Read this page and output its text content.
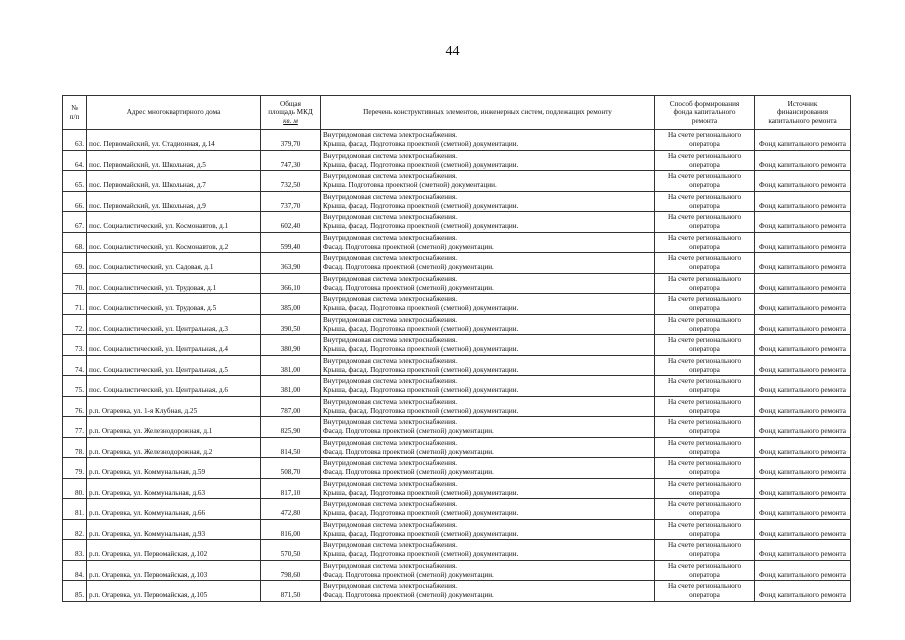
44
№
п/п	Адрес многоквартирного дома	Общая
площадь МКД
кв. м	Перечень конструктивных элементов, инженерных систем, подлежащих ремонту	Способ формирования
фонда капитального
ремонта	Источник
финансирования
капитального ремонта
63.	пос. Первомайский, ул. Стадионная, д.14	379,70	Внутридомовая система электроснабжения.
Крыша, фасад. Подготовка проектной (сметной) документации.	На счете регионального оператора	Фонд капитального ремонта
64.	пос. Первомайский, ул. Школьная, д.5	747,30	Внутридомовая система электроснабжения.
Крыша, фасад. Подготовка проектной (сметной) документации.	На счете регионального оператора	Фонд капитального ремонта
65.	пос. Первомайский, ул. Школьная, д.7	732,50	Внутридомовая система электроснабжения.
Крыша. Подготовка проектной (сметной) документации.	На счете регионального оператора	Фонд капитального ремонта
66.	пос. Первомайский, ул. Школьная, д.9	737,70	Внутридомовая система электроснабжения.
Крыша, фасад. Подготовка проектной (сметной) документации.	На счете регионального оператора	Фонд капитального ремонта
67.	пос. Социалистический, ул. Космонавтов, д.1	602,40	Внутридомовая система электроснабжения.
Крыша, фасад. Подготовка проектной (сметной) документации.	На счете регионального оператора	Фонд капитального ремонта
68.	пос. Социалистический, ул. Космонавтов, д.2	599,40	Внутридомовая система электроснабжения.
Фасад. Подготовка проектной (сметной) документации.	На счете регионального оператора	Фонд капитального ремонта
69.	пос. Социалистический, ул. Садовая, д.1	363,90	Внутридомовая система электроснабжения.
Фасад. Подготовка проектной (сметной) документации.	На счете регионального оператора	Фонд капитального ремонта
70.	пос. Социалистический, ул. Трудовая, д.1	366,10	Внутридомовая система электроснабжения.
Фасад. Подготовка проектной (сметной) документации.	На счете регионального оператора	Фонд капитального ремонта
71.	пос. Социалистический, ул. Трудовая, д.5	385,00	Внутридомовая система электроснабжения.
Крыша, фасад. Подготовка проектной (сметной) документации.	На счете регионального оператора	Фонд капитального ремонта
72.	пос. Социалистический, ул. Центральная, д.3	390,50	Внутридомовая система электроснабжения.
Крыша, фасад. Подготовка проектной (сметной) документации.	На счете регионального оператора	Фонд капитального ремонта
73.	пос. Социалистический, ул. Центральная, д.4	380,90	Внутридомовая система электроснабжения.
Крыша, фасад. Подготовка проектной (сметной) документации.	На счете регионального оператора	Фонд капитального ремонта
74.	пос. Социалистический, ул. Центральная, д.5	381,00	Внутридомовая система электроснабжения.
Крыша, фасад. Подготовка проектной (сметной) документации.	На счете регионального оператора	Фонд капитального ремонта
75.	пос. Социалистический, ул. Центральная, д.6	381,00	Внутридомовая система электроснабжения.
Крыша, фасад. Подготовка проектной (сметной) документации.	На счете регионального оператора	Фонд капитального ремонта
76.	р.п. Огаревка, ул. 1-я Клубная, д.25	787,00	Внутридомовая система электроснабжения.
Крыша, фасад. Подготовка проектной (сметной) документации.	На счете регионального оператора	Фонд капитального ремонта
77.	р.п. Огаревка, ул. Железнодорожная, д.1	825,90	Внутридомовая система электроснабжения.
Фасад. Подготовка проектной (сметной) документации.	На счете регионального оператора	Фонд капитального ремонта
78.	р.п. Огаревка, ул. Железнодорожная, д.2	814,50	Внутридомовая система электроснабжения.
Фасад. Подготовка проектной (сметной) документации.	На счете регионального оператора	Фонд капитального ремонта
79.	р.п. Огаревка, ул. Коммунальная, д.59	508,70	Внутридомовая система электроснабжения.
Фасад. Подготовка проектной (сметной) документации.	На счете регионального оператора	Фонд капитального ремонта
80.	р.п. Огаревка, ул. Коммунальная, д.63	817,10	Внутридомовая система электроснабжения.
Крыша, фасад. Подготовка проектной (сметной) документации.	На счете регионального оператора	Фонд капитального ремонта
81.	р.п. Огаревка, ул. Коммунальная, д.66	472,80	Внутридомовая система электроснабжения.
Крыша, фасад. Подготовка проектной (сметной) документации.	На счете регионального оператора	Фонд капитального ремонта
82.	р.п. Огаревка, ул. Коммунальная, д.93	816,00	Внутридомовая система электроснабжения.
Крыша, фасад. Подготовка проектной (сметной) документации.	На счете регионального оператора	Фонд капитального ремонта
83.	р.п. Огаревка, ул. Первомайская, д.102	570,50	Внутридомовая система электроснабжения.
Крыша, фасад. Подготовка проектной (сметной) документации.	На счете регионального оператора	Фонд капитального ремонта
84.	р.п. Огаревка, ул. Первомайская, д.103	798,60	Внутридомовая система электроснабжения.
Фасад. Подготовка проектной (сметной) документации.	На счете регионального оператора	Фонд капитального ремонта
85.	р.п. Огаревка, ул. Первомайская, д.105	871,50	Внутридомовая система электроснабжения.
Фасад. Подготовка проектной (сметной) документации.	На счете регионального оператора	Фонд капитального ремонта
